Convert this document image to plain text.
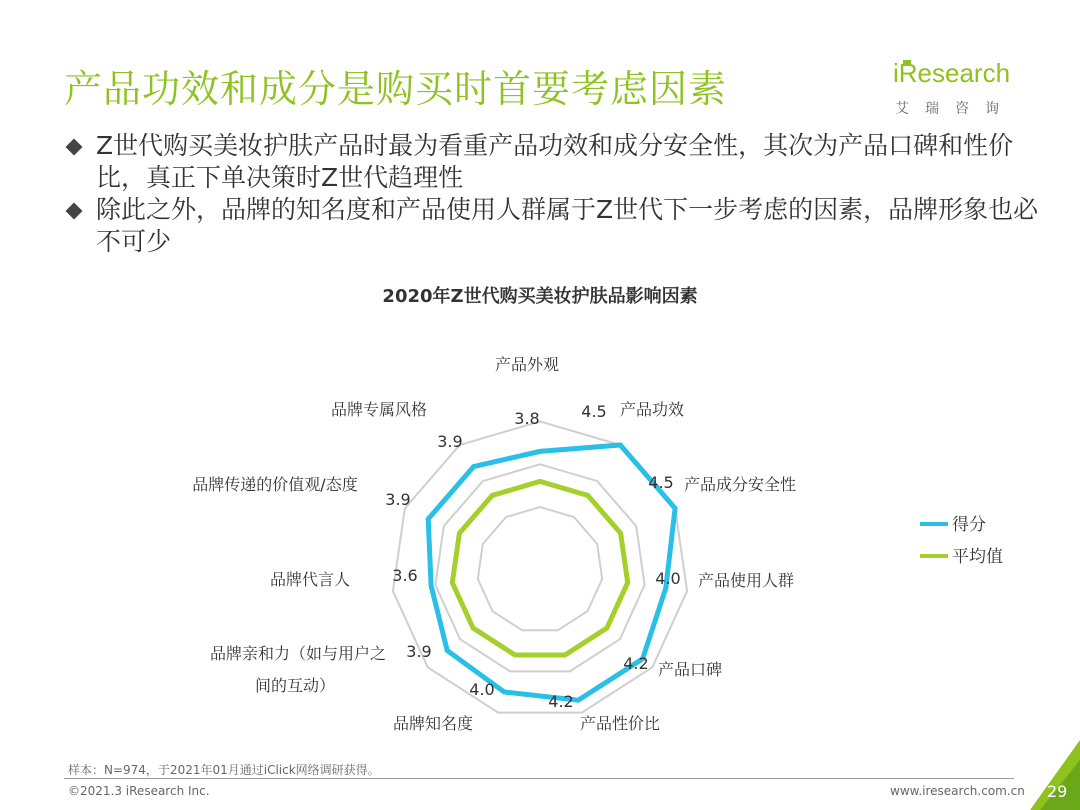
产品功效和成分是购买时首要考虑因素	iResearch
艾瑞咨询
Z世代购买美妆护肤产品时最为看重产品功效和成分安全性，其次为产品口碑和性价比，真正下单决策时Z世代趋理性
除此之外，品牌的知名度和产品使用人群属于Z世代下一步考虑的因素，品牌形象也必不可少
2020年Z世代购买美妆护肤品影响因素
3.8	4.5
4.5
4.0
4.2
4.2
4.0
3.9
3.6
3.9
3.9
产品外观
产品功效
产品成分安全性
产品使用人群
产品口碑
产品性价比
品牌知名度
品牌亲和力（如与用户之间的互动）
品牌代言人
品牌传递的价值观/态度
品牌专属风格
得分
平均值
样本：N=974，于2021年01月通过iClick网络调研获得。
©2021.3 iResearch Inc.	www.iresearch.com.cn 29
